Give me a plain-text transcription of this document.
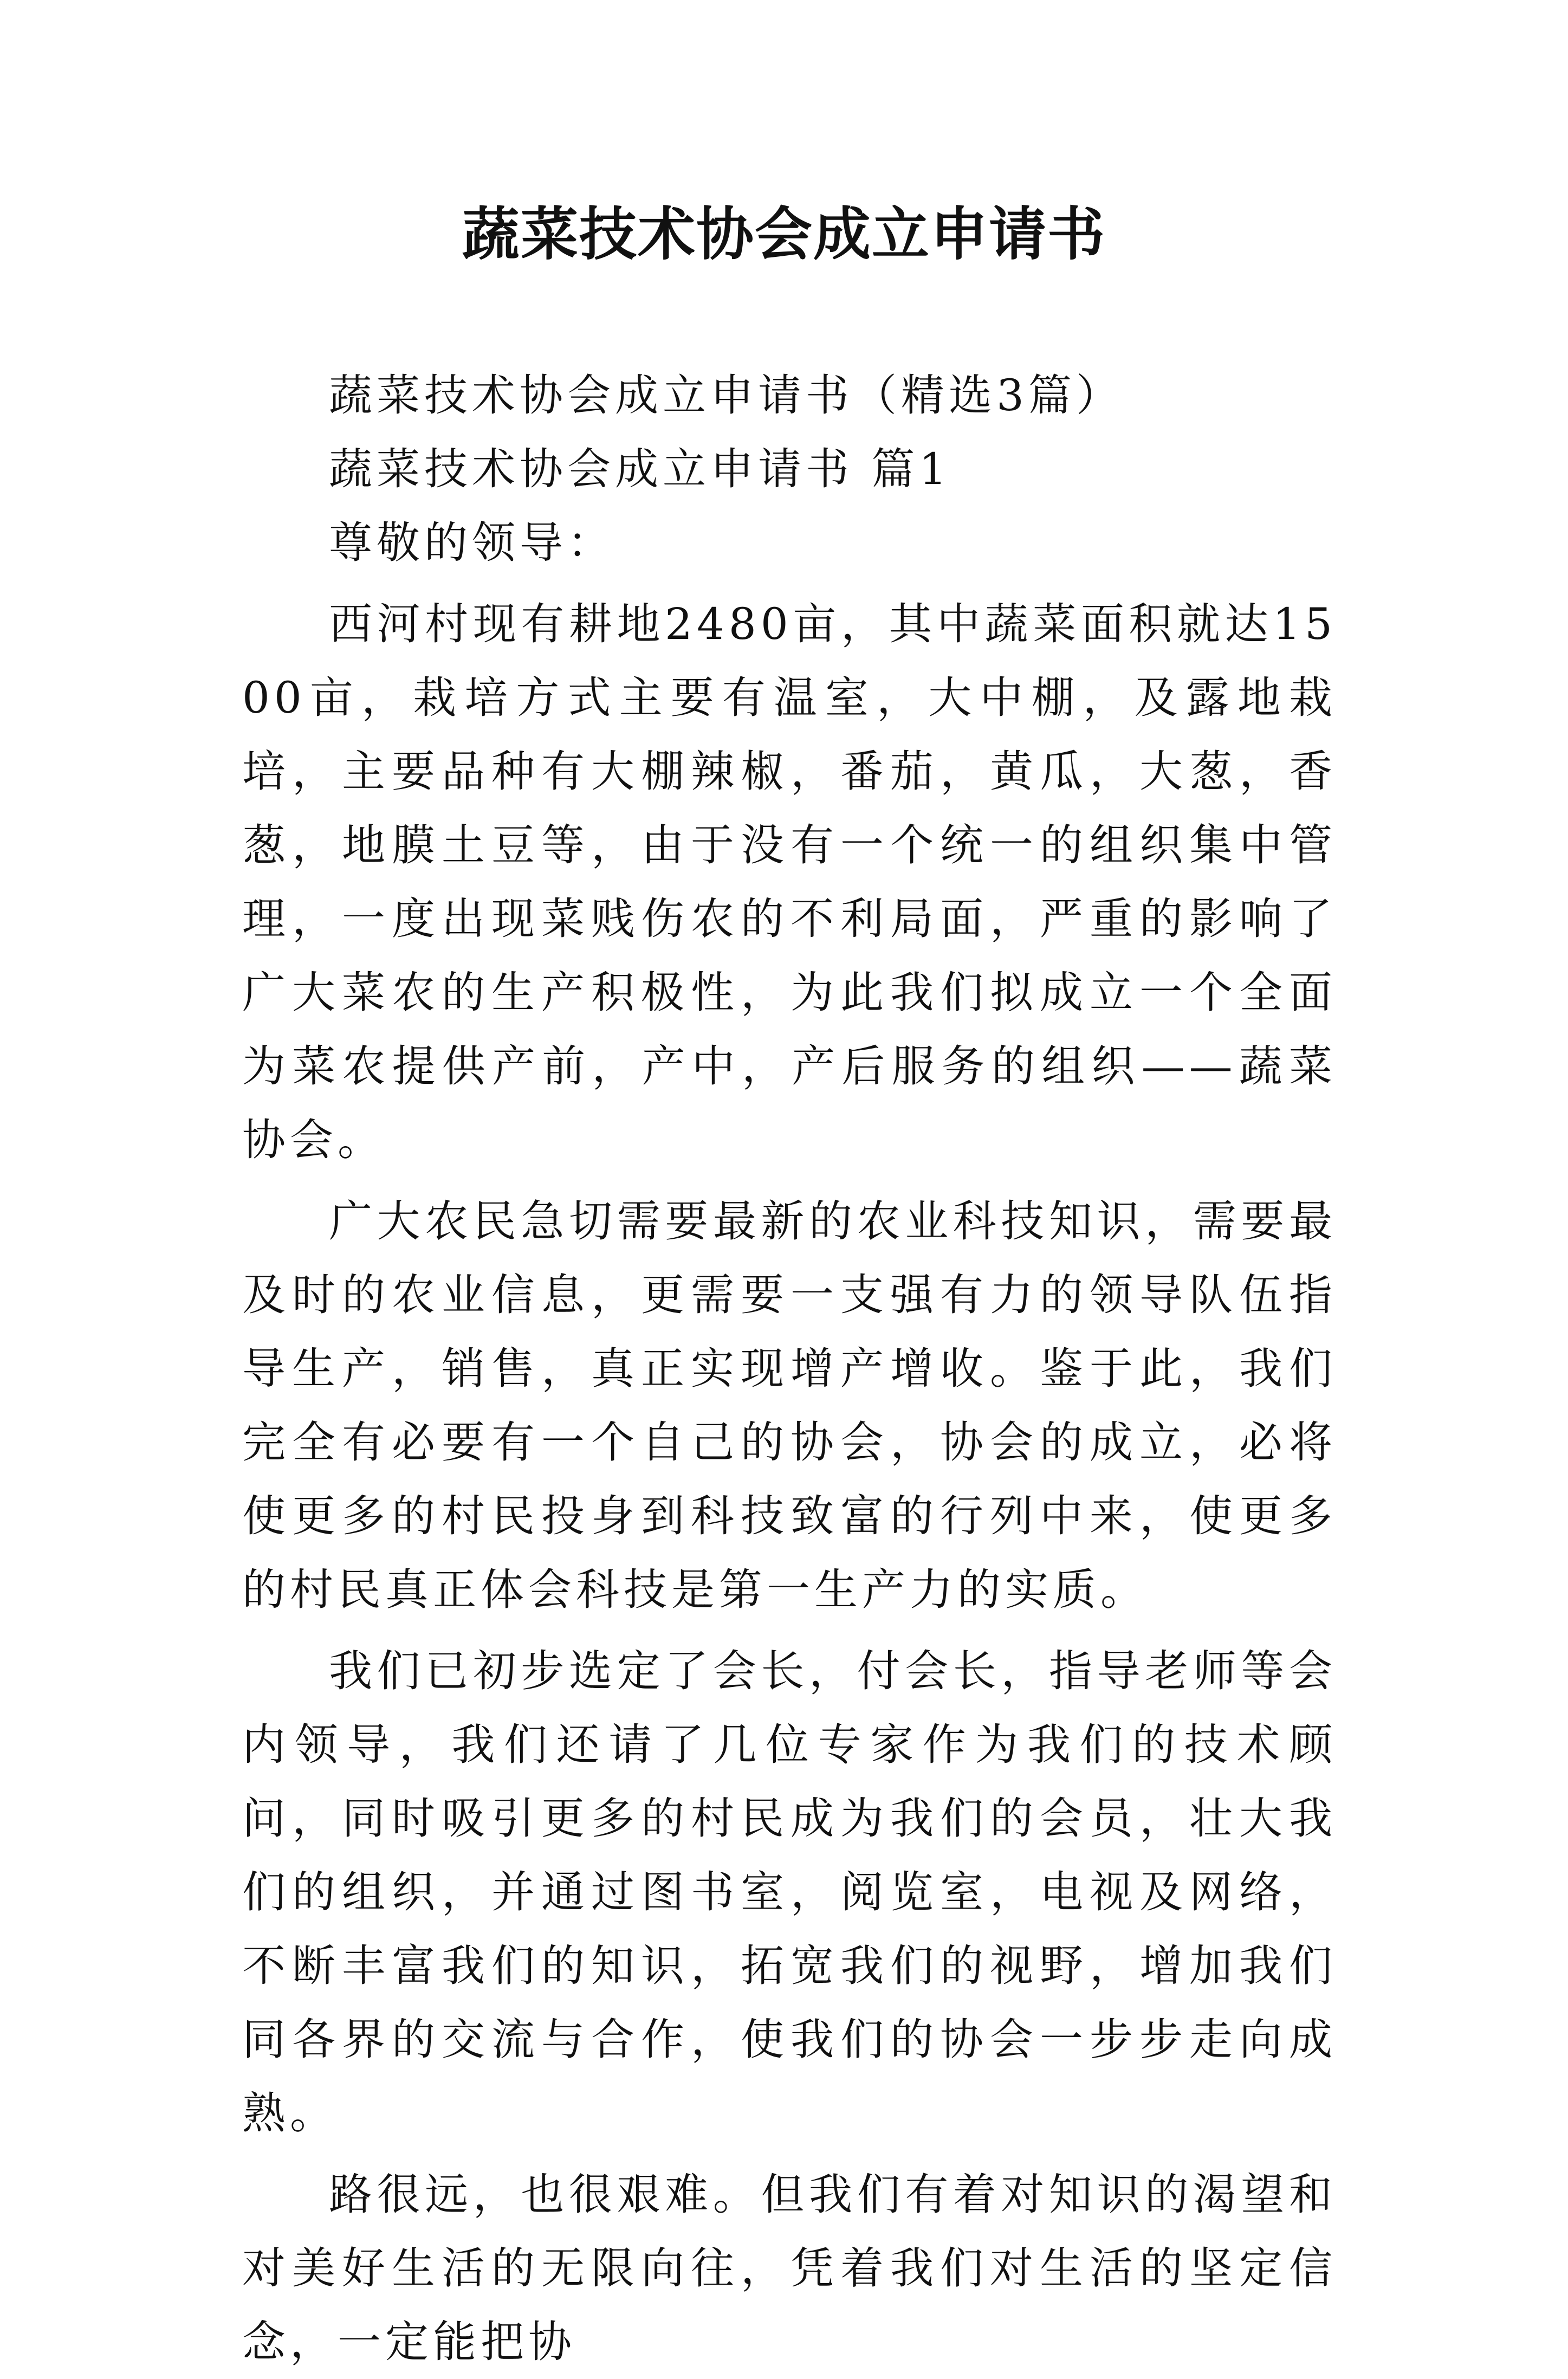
蔬菜技术协会成立申请书

蔬菜技术协会成立申请书（精选3篇）

蔬菜技术协会成立申请书 篇1

尊敬的领导：

西河村现有耕地2480亩，其中蔬菜面积就达1500亩，栽培方式主要有温室，大中棚，及露地栽培，主要品种有大棚辣椒，番茄，黄瓜，大葱，香葱，地膜土豆等，由于没有一个统一的组织集中管理，一度出现菜贱伤农的不利局面，严重的影响了广大菜农的生产积极性，为此我们拟成立一个全面为菜农提供产前，产中，产后服务的组织——蔬菜协会。

广大农民急切需要最新的农业科技知识，需要最及时的农业信息，更需要一支强有力的领导队伍指导生产，销售，真正实现增产增收。鉴于此，我们完全有必要有一个自己的协会，协会的成立，必将使更多的村民投身到科技致富的行列中来，使更多的村民真正体会科技是第一生产力的实质。

我们已初步选定了会长，付会长，指导老师等会内领导，我们还请了几位专家作为我们的技术顾问，同时吸引更多的村民成为我们的会员，壮大我们的组织，并通过图书室，阅览室，电视及网络，不断丰富我们的知识，拓宽我们的视野，增加我们同各界的交流与合作，使我们的协会一步步走向成熟。

路很远，也很艰难。但我们有着对知识的渴望和对美好生活的无限向往，凭着我们对生活的坚定信念，一定能把协
